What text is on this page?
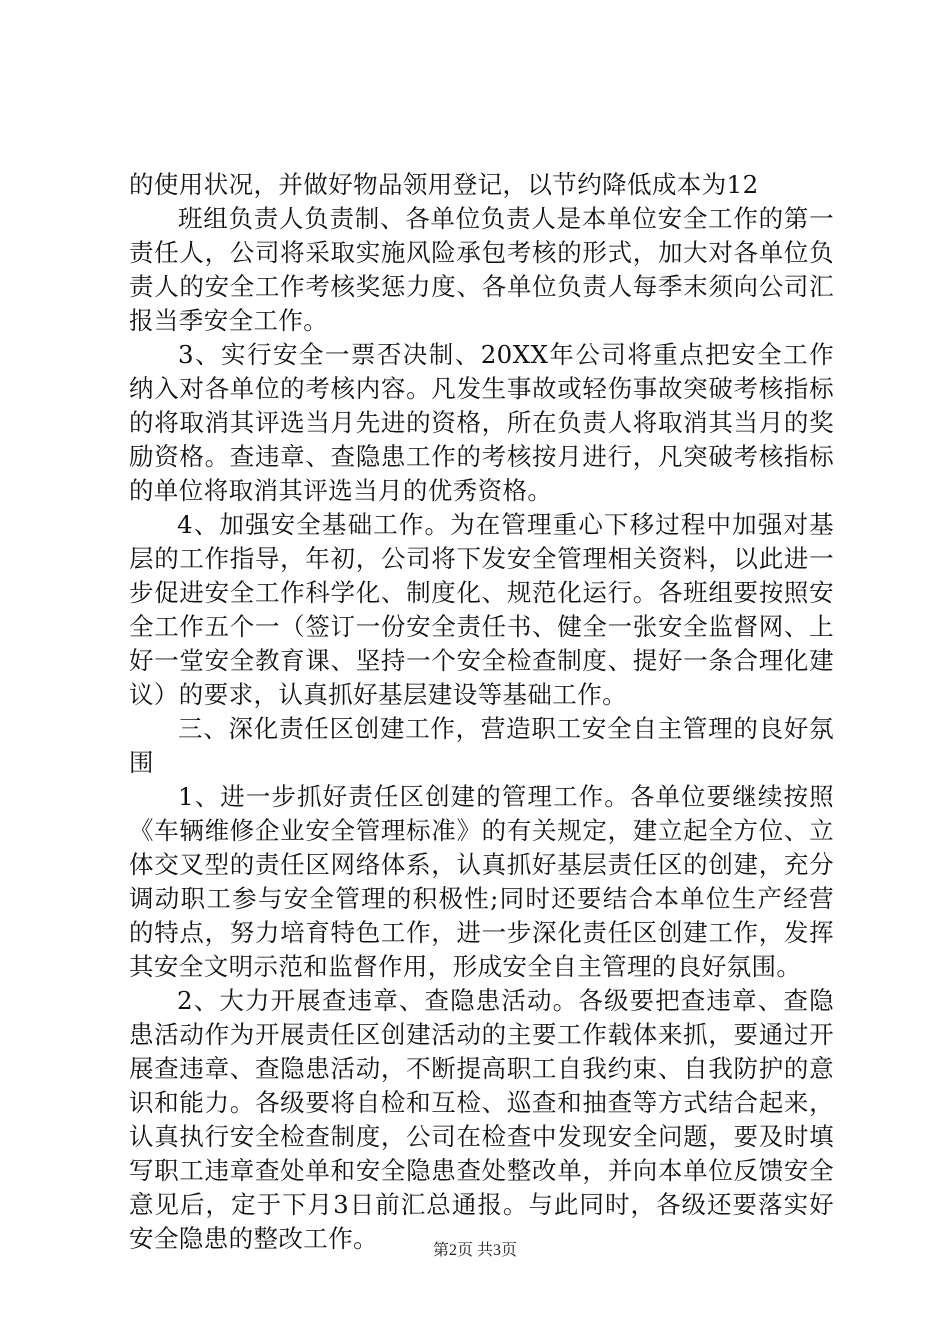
的使用状况，并做好物品领用登记，以节约降低成本为12

班组负责人负责制、各单位负责人是本单位安全工作的第一责任人，公司将采取实施风险承包考核的形式，加大对各单位负责人的安全工作考核奖惩力度、各单位负责人每季末须向公司汇报当季安全工作。

3、实行安全一票否决制、20XX年公司将重点把安全工作纳入对各单位的考核内容。凡发生事故或轻伤事故突破考核指标的将取消其评选当月先进的资格，所在负责人将取消其当月的奖励资格。查违章、查隐患工作的考核按月进行，凡突破考核指标的单位将取消其评选当月的优秀资格。

4、加强安全基础工作。为在管理重心下移过程中加强对基层的工作指导，年初，公司将下发安全管理相关资料，以此进一步促进安全工作科学化、制度化、规范化运行。各班组要按照安全工作五个一（签订一份安全责任书、健全一张安全监督网、上好一堂安全教育课、坚持一个安全检查制度、提好一条合理化建议）的要求，认真抓好基层建设等基础工作。

三、深化责任区创建工作，营造职工安全自主管理的良好氛围

1、进一步抓好责任区创建的管理工作。各单位要继续按照《车辆维修企业安全管理标准》的有关规定，建立起全方位、立体交叉型的责任区网络体系，认真抓好基层责任区的创建，充分调动职工参与安全管理的积极性;同时还要结合本单位生产经营的特点，努力培育特色工作，进一步深化责任区创建工作，发挥其安全文明示范和监督作用，形成安全自主管理的良好氛围。

2、大力开展查违章、查隐患活动。各级要把查违章、查隐患活动作为开展责任区创建活动的主要工作载体来抓，要通过开展查违章、查隐患活动，不断提高职工自我约束、自我防护的意识和能力。各级要将自检和互检、巡查和抽查等方式结合起来，认真执行安全检查制度，公司在检查中发现安全问题，要及时填写职工违章查处单和安全隐患查处整改单，并向本单位反馈安全意见后，定于下月3日前汇总通报。与此同时，各级还要落实好安全隐患的整改工作。	第2页 共3页
